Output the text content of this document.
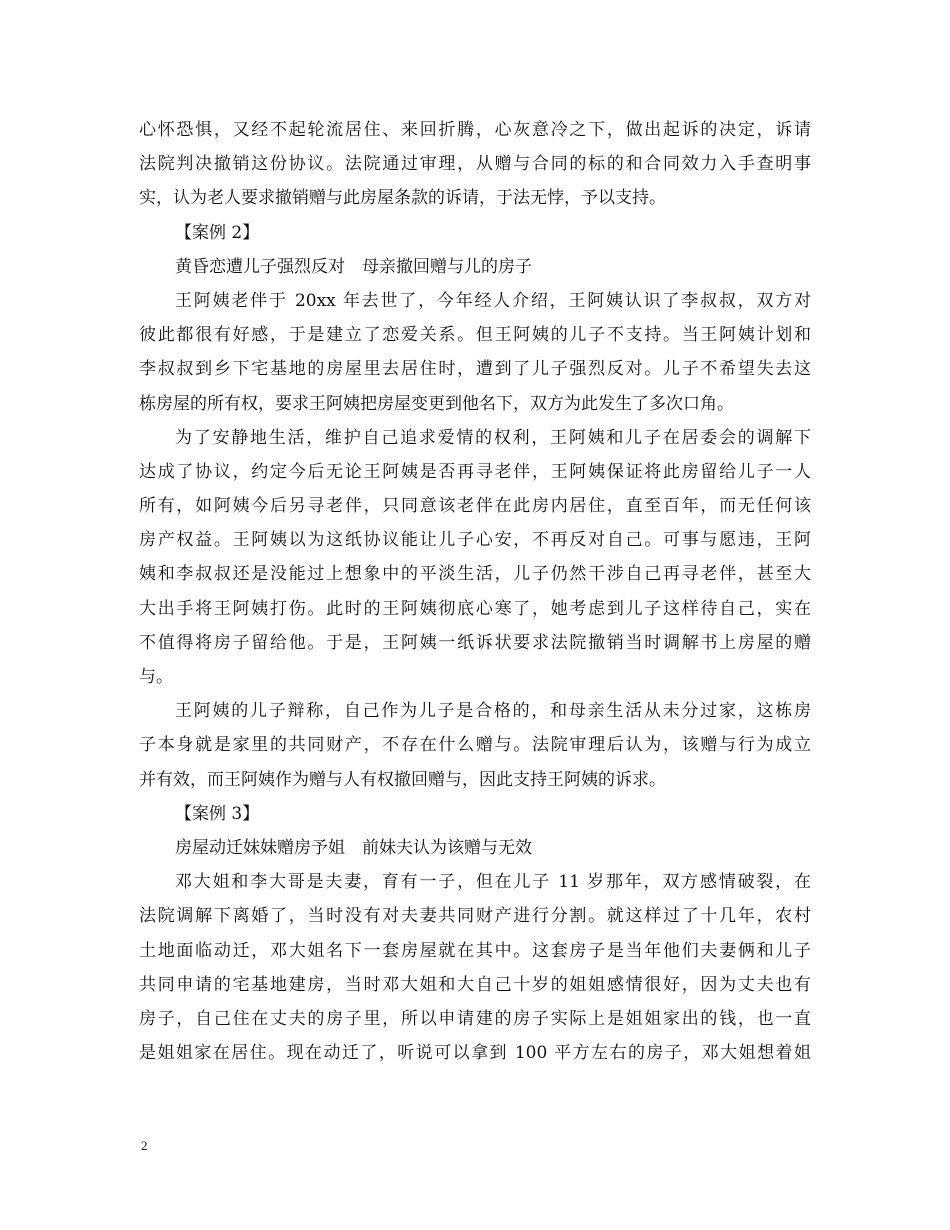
心怀恐惧，又经不起轮流居住、来回折腾，心灰意冷之下，做出起诉的决定，诉请
法院判决撤销这份协议。法院通过审理，从赠与合同的标的和合同效力入手查明事
实，认为老人要求撤销赠与此房屋条款的诉请，于法无悖，予以支持。
【案例 2】
黄昏恋遭儿子强烈反对　母亲撤回赠与儿的房子
王阿姨老伴于 20xx 年去世了，今年经人介绍，王阿姨认识了李叔叔，双方对
彼此都很有好感，于是建立了恋爱关系。但王阿姨的儿子不支持。当王阿姨计划和
李叔叔到乡下宅基地的房屋里去居住时，遭到了儿子强烈反对。儿子不希望失去这
栋房屋的所有权，要求王阿姨把房屋变更到他名下，双方为此发生了多次口角。
为了安静地生活，维护自己追求爱情的权利，王阿姨和儿子在居委会的调解下
达成了协议，约定今后无论王阿姨是否再寻老伴，王阿姨保证将此房留给儿子一人
所有，如阿姨今后另寻老伴，只同意该老伴在此房内居住，直至百年，而无任何该
房产权益。王阿姨以为这纸协议能让儿子心安，不再反对自己。可事与愿违，王阿
姨和李叔叔还是没能过上想象中的平淡生活，儿子仍然干涉自己再寻老伴，甚至大
大出手将王阿姨打伤。此时的王阿姨彻底心寒了，她考虑到儿子这样待自己，实在
不值得将房子留给他。于是，王阿姨一纸诉状要求法院撤销当时调解书上房屋的赠
与。
王阿姨的儿子辩称，自己作为儿子是合格的，和母亲生活从未分过家，这栋房
子本身就是家里的共同财产，不存在什么赠与。法院审理后认为，该赠与行为成立
并有效，而王阿姨作为赠与人有权撤回赠与，因此支持王阿姨的诉求。
【案例 3】
房屋动迁妹妹赠房予姐　前妹夫认为该赠与无效
邓大姐和李大哥是夫妻，育有一子，但在儿子 11 岁那年，双方感情破裂，在
法院调解下离婚了，当时没有对夫妻共同财产进行分割。就这样过了十几年，农村
土地面临动迁，邓大姐名下一套房屋就在其中。这套房子是当年他们夫妻俩和儿子
共同申请的宅基地建房，当时邓大姐和大自己十岁的姐姐感情很好，因为丈夫也有
房子，自己住在丈夫的房子里，所以申请建的房子实际上是姐姐家出的钱，也一直
是姐姐家在居住。现在动迁了，听说可以拿到 100 平方左右的房子，邓大姐想着姐
2
